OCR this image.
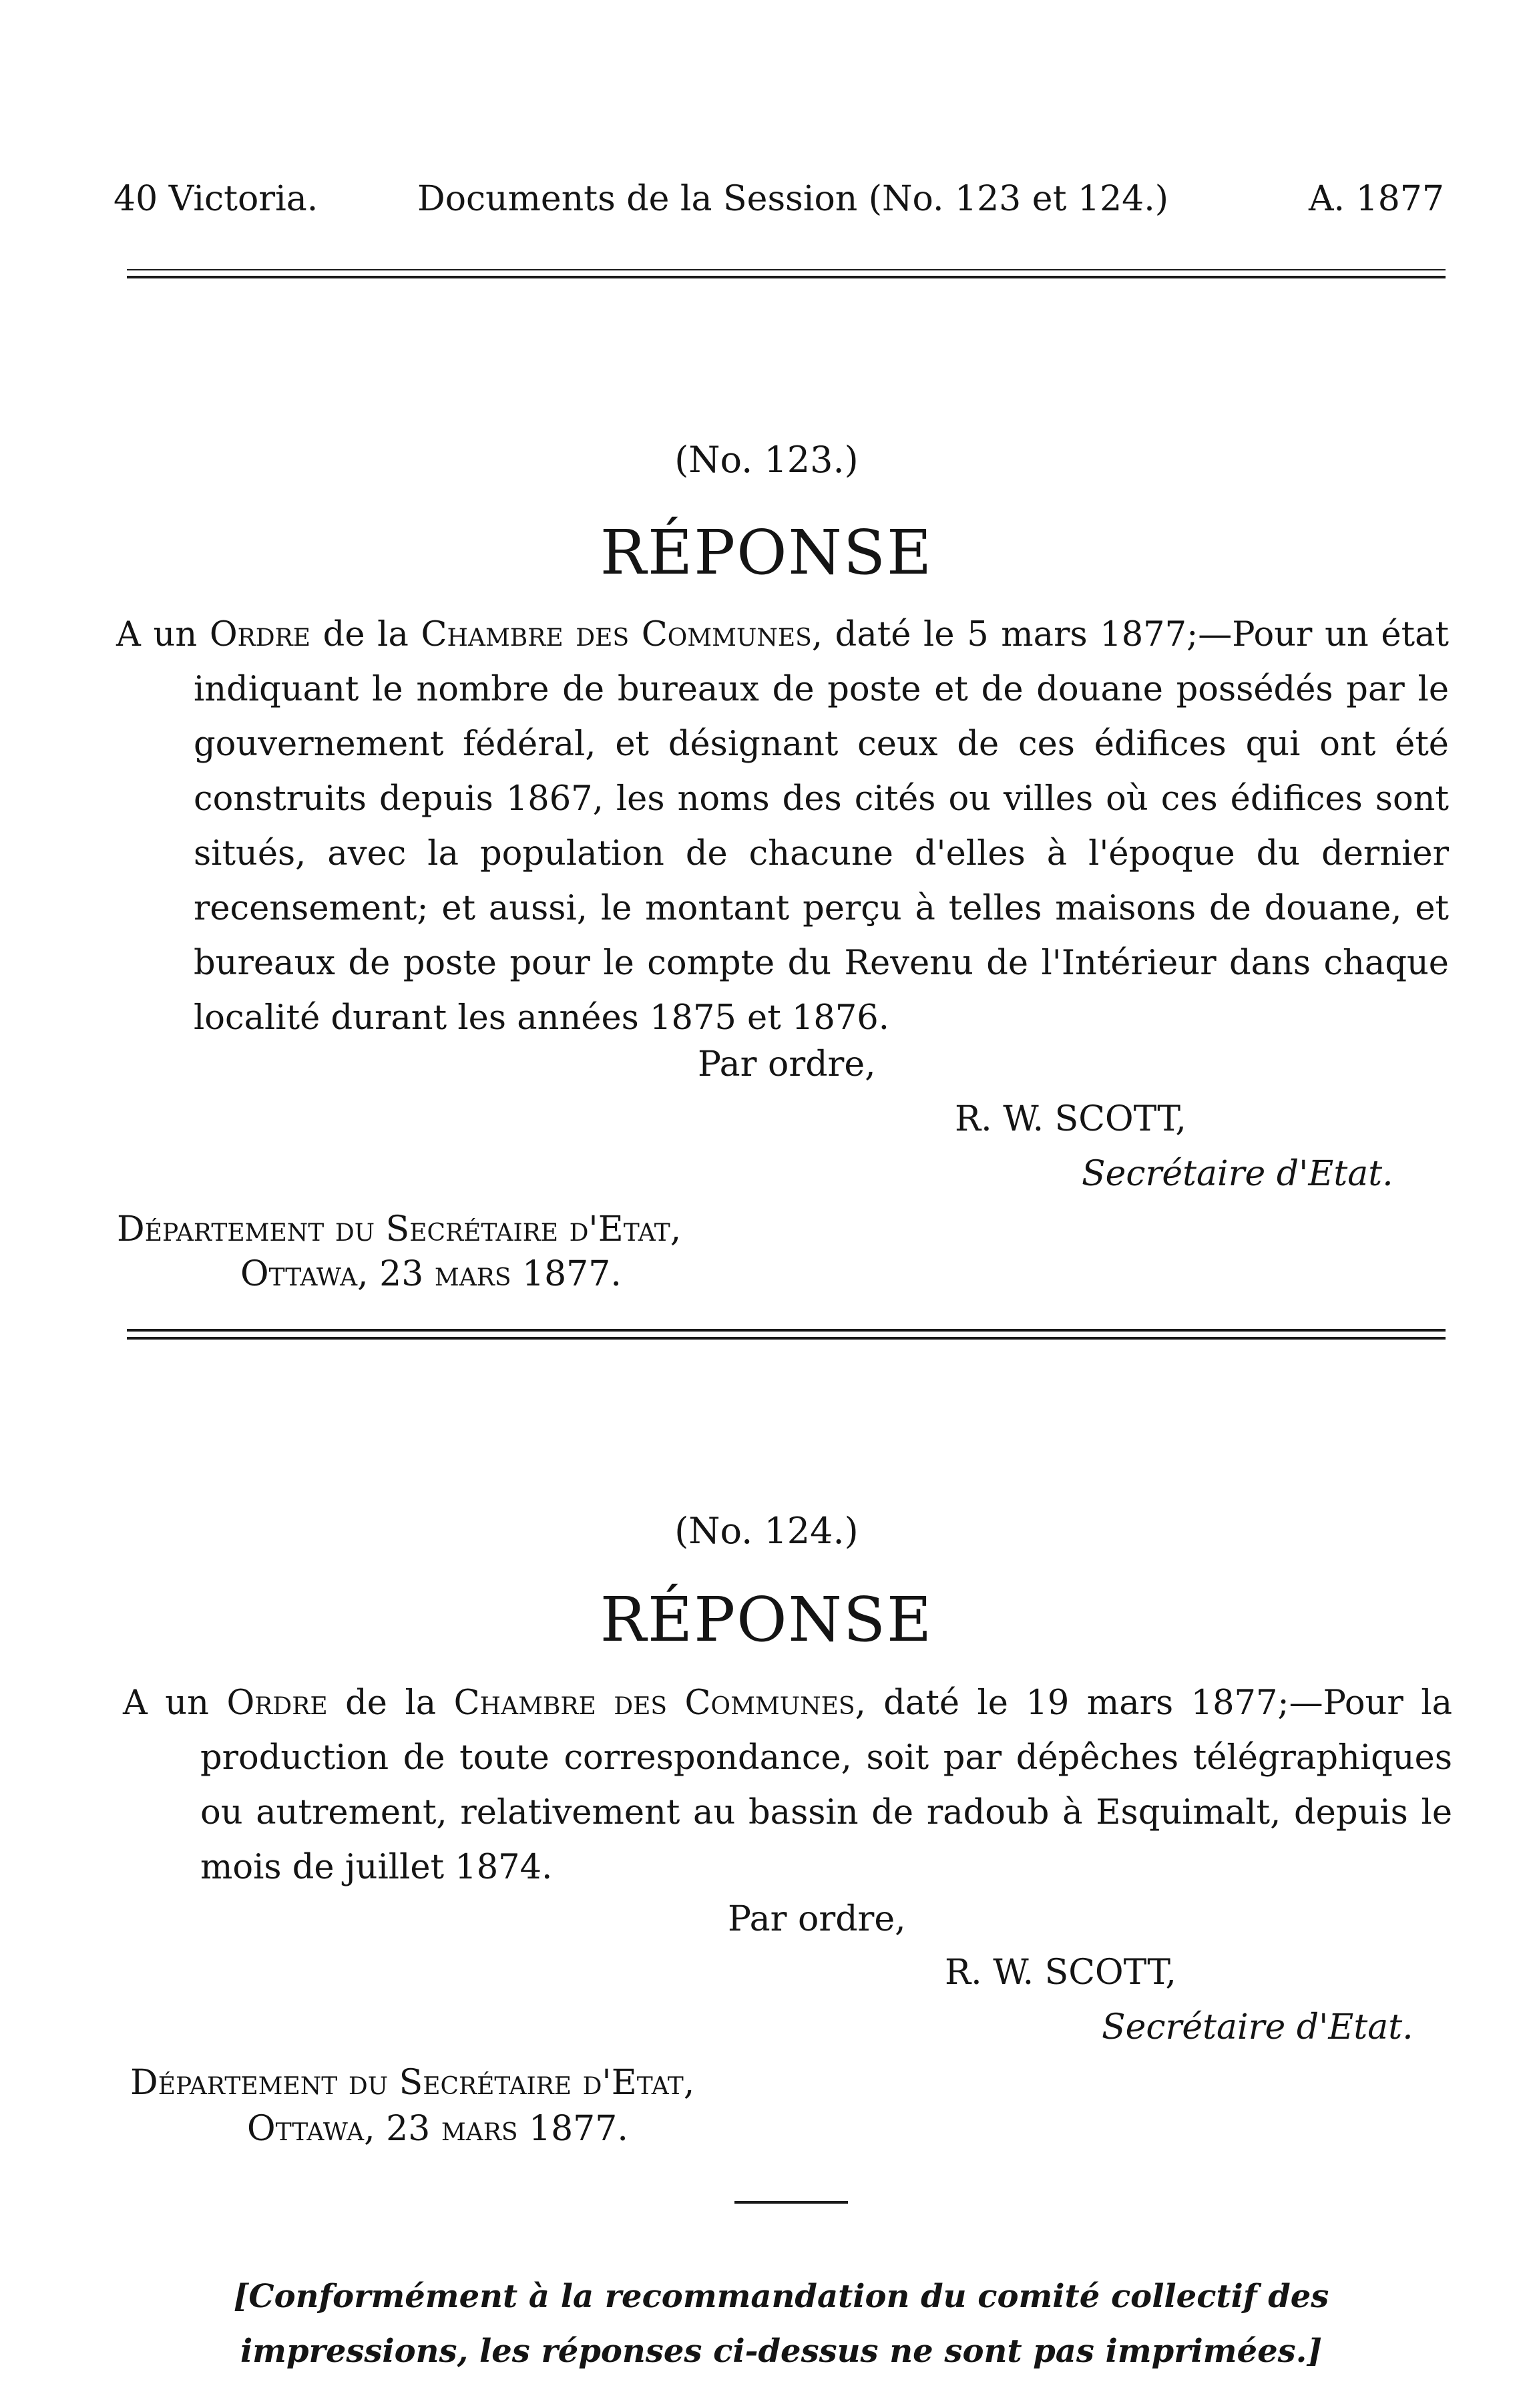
40 Victoria.	Documents de la Session (No. 123 et 124.)	A. 1877
(No. 123.)
RÉPONSE
A un Ordre de la Chambre des Communes, daté le 5 mars 1877;—Pour un état indiquant le nombre de bureaux de poste et de douane possédés par le gouvernement fédéral, et désignant ceux de ces édifices qui ont été construits depuis 1867, les noms des cités ou villes où ces édifices sont situés, avec la population de chacune d'elles à l'époque du dernier recensement; et aussi, le montant perçu à telles maisons de douane, et bureaux de poste pour le compte du Revenu de l'Intérieur dans chaque localité durant les années 1875 et 1876.
Par ordre,
R. W. SCOTT,
Secrétaire d'Etat.
Département du Secrétaire d'Etat,
Ottawa, 23 mars 1877.
(No. 124.)
RÉPONSE
A un Ordre de la Chambre des Communes, daté le 19 mars 1877;—Pour la production de toute correspondance, soit par dépêches télégraphiques ou autrement, relativement au bassin de radoub à Esquimalt, depuis le mois de juillet 1874.
Par ordre,
R. W. SCOTT,
Secrétaire d'Etat.
Département du Secrétaire d'Etat,
Ottawa, 23 mars 1877.
[Conformément à la recommandation du comité collectif des impressions, les réponses ci-dessus ne sont pas imprimées.]
